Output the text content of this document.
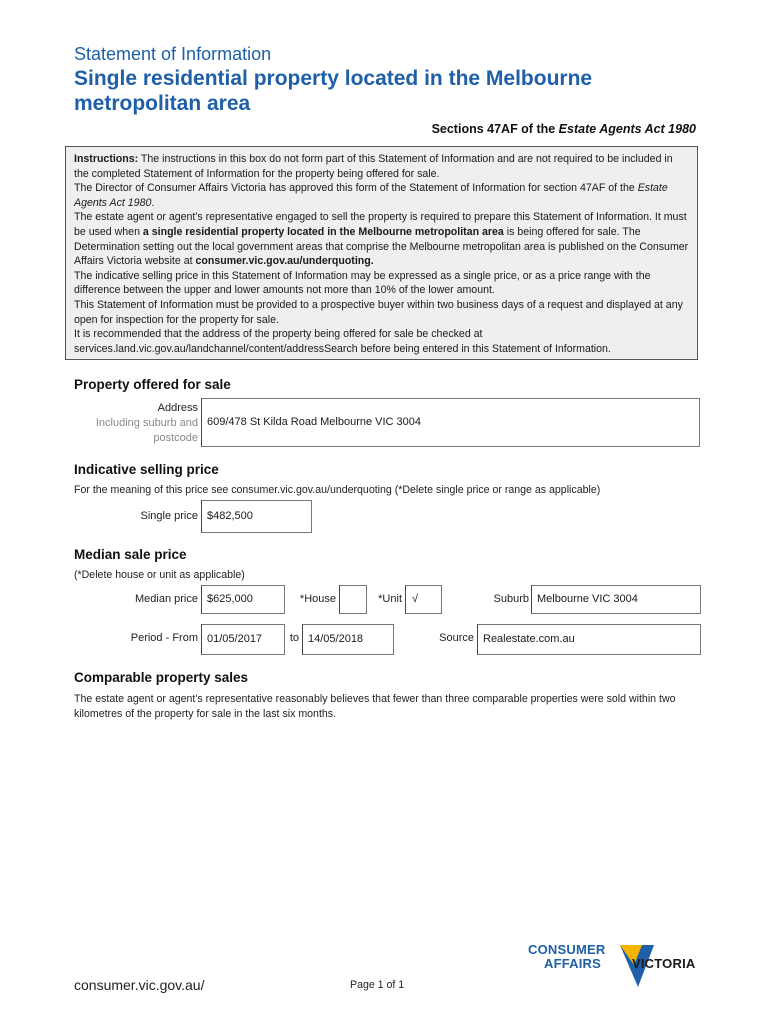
Statement of Information
Single residential property located in the Melbourne metropolitan area
Sections 47AF of the Estate Agents Act 1980

Instructions: The instructions in this box do not form part of this Statement of Information and are not required to be included in the completed Statement of Information for the property being offered for sale.

The Director of Consumer Affairs Victoria has approved this form of the Statement of Information for section 47AF of the Estate Agents Act 1980.

The estate agent or agent's representative engaged to sell the property is required to prepare this Statement of Information. It must be used when a single residential property located in the Melbourne metropolitan area is being offered for sale. The Determination setting out the local government areas that comprise the Melbourne metropolitan area is published on the Consumer Affairs Victoria website at consumer.vic.gov.au/underquoting.

The indicative selling price in this Statement of Information may be expressed as a single price, or as a price range with the difference between the upper and lower amounts not more than 10% of the lower amount.

This Statement of Information must be provided to a prospective buyer within two business days of a request and displayed at any open for inspection for the property for sale.

It is recommended that the address of the property being offered for sale be checked at services.land.vic.gov.au/landchannel/content/addressSearch before being entered in this Statement of Information.

Property offered for sale
Address
Including suburb and
postcode
609/478 St Kilda Road Melbourne VIC 3004
Indicative selling price
For the meaning of this price see consumer.vic.gov.au/underquoting (*Delete single price or range as applicable)
Single price $482,500
Median sale price
(*Delete house or unit as applicable)
Median price $625,000	*House	*Unit √	Suburb Melbourne VIC 3004
Period - From 01/05/2017	to 14/05/2018	Source Realestate.com.au
Comparable property sales
The estate agent or agent's representative reasonably believes that fewer than three comparable properties were sold within two kilometres of the property for sale in the last six months.
consumer.vic.gov.au/	Page 1 of 1
CONSUMER
AFFAIRS VICTORIA
